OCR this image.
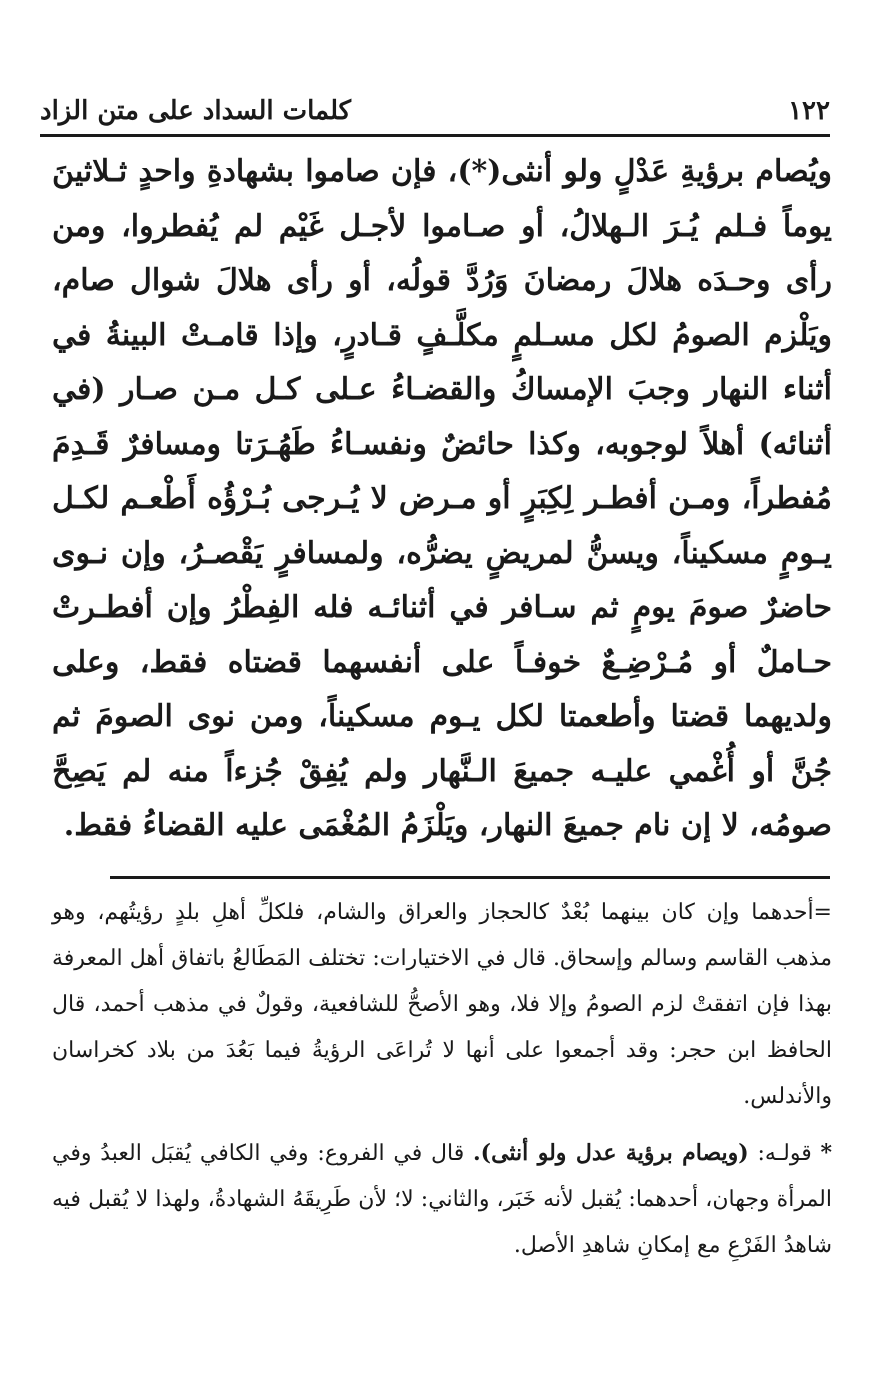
١٢٢
كلمات السداد على متن الزاد

ويُصام برؤيةِ عَدْلٍ ولو أنثى(*)، فإن صاموا بشهادةِ واحدٍ ثـلاثينَ يوماً فـلم يُـرَ الـهلالُ، أو صـاموا لأجـل غَيْم لم يُفطروا، ومن رأى وحـدَه هلالَ رمضانَ وَرُدَّ قولُه، أو رأى هلالَ شوال صام، ويَلْزم الصومُ لكل مسـلمٍ مكلَّـفٍ قـادرٍ، وإذا قامـتْ البينةُ في أثناء النهار وجبَ الإمساكُ والقضـاءُ عـلى كـل مـن صـار (في أثنائه) أهلاً لوجوبه، وكذا حائضٌ ونفسـاءُ طَهُـرَتا ومسافرٌ قَـدِمَ مُفطراً، ومـن أفطـر لِكِبَرٍ أو مـرض لا يُـرجى بُـرْؤُه أَطْعـم لكـل يـومٍ مسكيناً، ويسنُّ لمريضٍ يضرُّه، ولمسافرٍ يَقْصـرُ، وإن نـوى حاضرٌ صومَ يومٍ ثم سـافر في أثنائـه فله الفِطْرُ وإن أفطـرتْ حـاملٌ أو مُـرْضِـعٌ خوفـاً على أنفسهما قضتاه فقط، وعلى ولديهما قضتا وأطعمتا لكل يـوم مسكيناً، ومن نوى الصومَ ثم جُنَّ أو أُغْمي عليـه جميعَ الـنَّهار ولم يُفِقْ جُزءاً منه لم يَصِحَّ صومُه، لا إن نام جميعَ النهار، ويَلْزَمُ المُغْمَى عليه القضاءُ فقط.

=أحدهما وإن كان بينهما بُعْدٌ كالحجاز والعراق والشام، فلكلِّ أهلِ بلدٍ رؤيتُهم، وهو مذهب القاسم وسالم وإسحاق. قال في الاختيارات: تختلف المَطَالعُ باتفاق أهل المعرفة بهذا فإن اتفقتْ لزم الصومُ وإلا فلا، وهو الأصحُّ للشافعية، وقولٌ في مذهب أحمد، قال الحافظ ابن حجر: وقد أجمعوا على أنها لا تُراعَى الرؤيةُ فيما بَعُدَ من بلاد كخراسان والأندلس.

* قولـه: (ويصام برؤية عدل ولو أنثى). قال في الفروع: وفي الكافي يُقبَل العبدُ وفي المرأة وجهان، أحدهما: يُقبل لأنه خَبَر، والثاني: لا؛ لأن طَرِيقَهُ الشهادةُ، ولهذا لا يُقبل فيه شاهدُ الفَرْعِ مع إمكانِ شاهدِ الأصل.
